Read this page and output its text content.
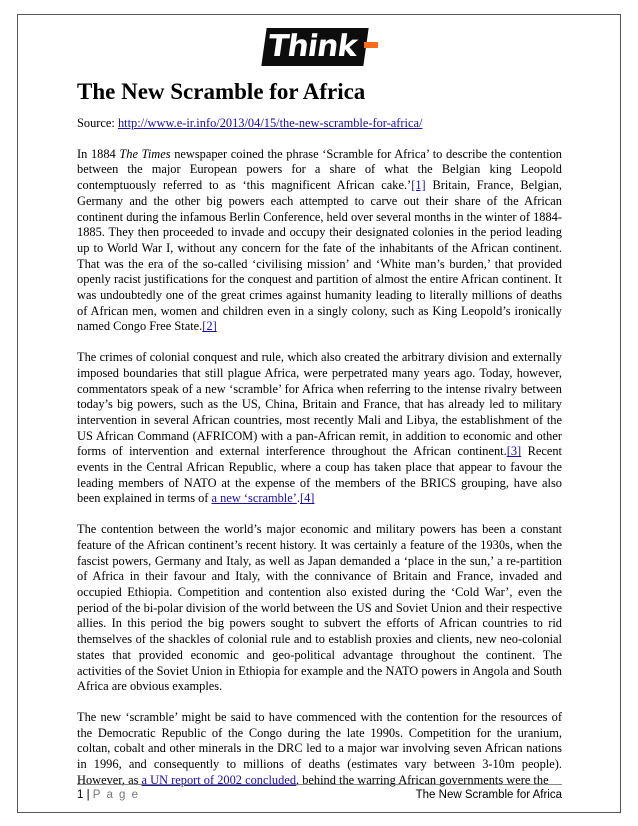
Think
The New Scramble for Africa
Source: http://www.e-ir.info/2013/04/15/the-new-scramble-for-africa/

In 1884 The Times newspaper coined the phrase ‘Scramble for Africa’ to describe the contention between the major European powers for a share of what the Belgian king Leopold contemptuously referred to as ‘this magnificent African cake.’[1] Britain, France, Belgian, Germany and the other big powers each attempted to carve out their share of the African continent during the infamous Berlin Conference, held over several months in the winter of 1884-1885. They then proceeded to invade and occupy their designated colonies in the period leading up to World War I, without any concern for the fate of the inhabitants of the African continent. That was the era of the so-called ‘civilising mission’ and ‘White man’s burden,’ that provided openly racist justifications for the conquest and partition of almost the entire African continent. It was undoubtedly one of the great crimes against humanity leading to literally millions of deaths of African men, women and children even in a singly colony, such as King Leopold’s ironically named Congo Free State.[2]

The crimes of colonial conquest and rule, which also created the arbitrary division and externally imposed boundaries that still plague Africa, were perpetrated many years ago. Today, however, commentators speak of a new ‘scramble’ for Africa when referring to the intense rivalry between today’s big powers, such as the US, China, Britain and France, that has already led to military intervention in several African countries, most recently Mali and Libya, the establishment of the US African Command (AFRICOM) with a pan-African remit, in addition to economic and other forms of intervention and external interference throughout the African continent.[3] Recent events in the Central African Republic, where a coup has taken place that appear to favour the leading members of NATO at the expense of the members of the BRICS grouping, have also been explained in terms of a new ‘scramble’.[4]

The contention between the world’s major economic and military powers has been a constant feature of the African continent’s recent history. It was certainly a feature of the 1930s, when the fascist powers, Germany and Italy, as well as Japan demanded a ‘place in the sun,’ a re-partition of Africa in their favour and Italy, with the connivance of Britain and France, invaded and occupied Ethiopia. Competition and contention also existed during the ‘Cold War’, even the period of the bi-polar division of the world between the US and Soviet Union and their respective allies. In this period the big powers sought to subvert the efforts of African countries to rid themselves of the shackles of colonial rule and to establish proxies and clients, new neo-colonial states that provided economic and geo-political advantage throughout the continent. The activities of the Soviet Union in Ethiopia for example and the NATO powers in Angola and South Africa are obvious examples.

The new ‘scramble’ might be said to have commenced with the contention for the resources of the Democratic Republic of the Congo during the late 1990s. Competition for the uranium, coltan, cobalt and other minerals in the DRC led to a major war involving seven African nations in 1996, and consequently to millions of deaths (estimates vary between 3-10m people). However, as a UN report of 2002 concluded, behind the warring African governments were the

1 | P a g e	The New Scramble for Africa
